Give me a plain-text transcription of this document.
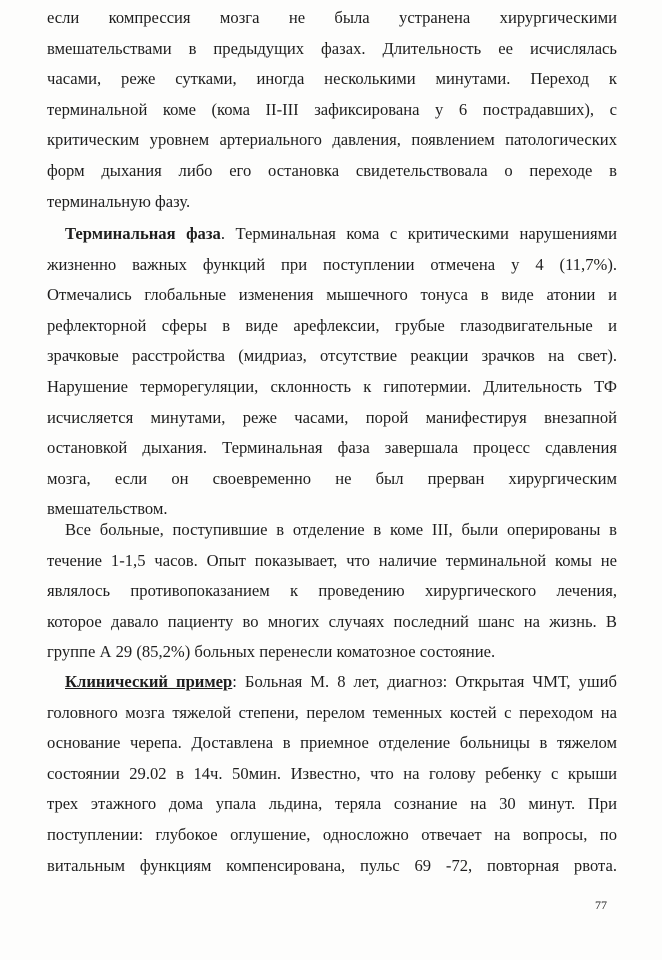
если компрессия мозга не была устранена хирургическими
вмешательствами в предыдущих фазах. Длительность ее исчислялась
часами, реже сутками, иногда несколькими минутами. Переход к
терминальной коме (кома II-III зафиксирована у 6 пострадавших), с
критическим уровнем артериального давления, появлением патологических
форм дыхания либо его остановка свидетельствовала о переходе в
терминальную фазу.
Терминальная фаза. Терминальная кома с критическими нарушениями
жизненно важных функций при поступлении отмечена у 4 (11,7%).
Отмечались глобальные изменения мышечного тонуса в виде атонии и
рефлекторной сферы в виде арефлексии, грубые глазодвигательные и
зрачковые расстройства (мидриаз, отсутствие реакции зрачков на свет).
Нарушение терморегуляции, склонность к гипотермии. Длительность ТФ
исчисляется минутами, реже часами, порой манифестируя внезапной
остановкой дыхания. Терминальная фаза завершала процесс сдавления
мозга, если он своевременно не был прерван хирургическим
вмешательством.
Все больные, поступившие в отделение в коме III, были оперированы в
течение 1-1,5 часов. Опыт показывает, что наличие терминальной комы не
являлось противопоказанием к проведению хирургического лечения,
которое давало пациенту во многих случаях последний шанс на жизнь. В
группе А 29 (85,2%) больных перенесли коматозное состояние.
Клинический пример: Больная М. 8 лет, диагноз: Открытая ЧМТ, ушиб
головного мозга тяжелой степени, перелом теменных костей с переходом на
основание черепа. Доставлена в приемное отделение больницы в тяжелом
состоянии 29.02 в 14ч. 50мин. Известно, что на голову ребенку с крыши
трех этажного дома упала льдина, теряла сознание на 30 минут. При
поступлении: глубокое оглушение, односложно отвечает на вопросы, по
витальным функциям компенсирована, пульс 69 -72, повторная рвота.
77
